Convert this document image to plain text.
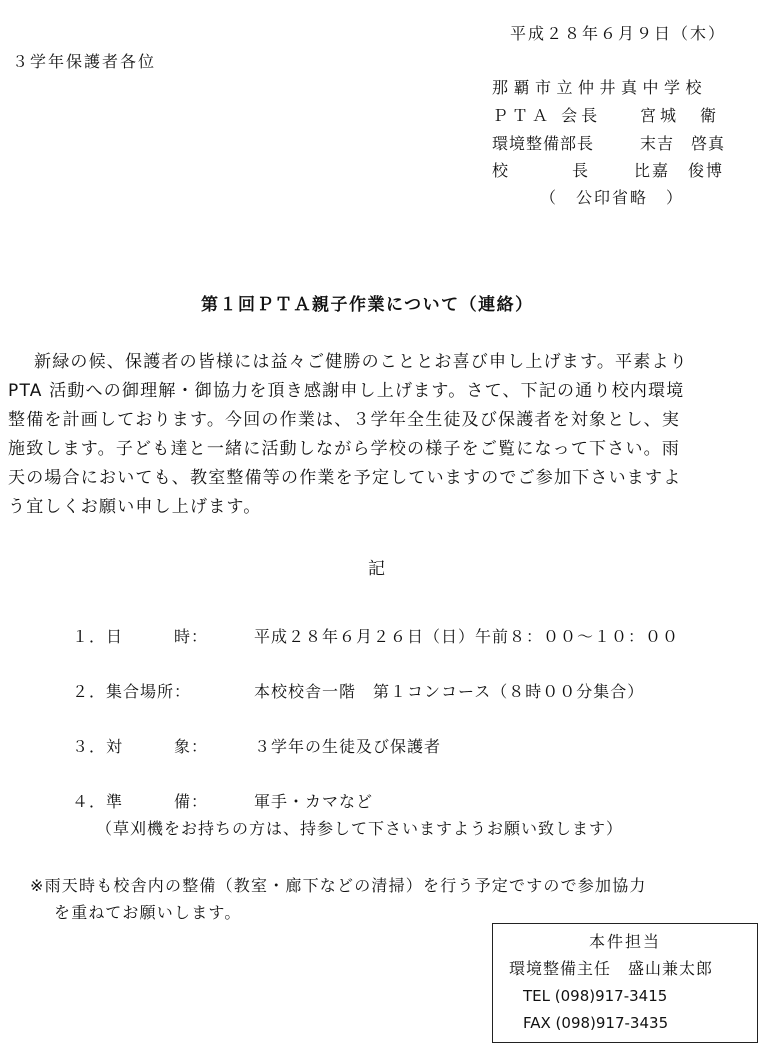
平成２８年６月９日（木）
３学年保護者各位
那覇市立仲井真中学校
ＰＴＡ 会長 宮城　衛
環境整備部長	末吉　啓真
校　　　長	比嘉　俊博
（　公印省略　）
第１回ＰＴＡ親子作業について（連絡）
新緑の候、保護者の皆様には益々ご健勝のこととお喜び申し上げます。平素より
PTA 活動への御理解・御協力を頂き感謝申し上げます。さて、下記の通り校内環境
整備を計画しております。今回の作業は、３学年全生徒及び保護者を対象とし、実
施致します。子ども達と一緒に活動しながら学校の様子をご覧になって下さい。雨
天の場合においても、教室整備等の作業を予定していますのでご参加下さいますよ
う宜しくお願い申し上げます。
記
１．日　　　時：	平成２８年６月２６日（日）午前８：００〜１０：００
２．集合場所：	本校校舎一階　第１コンコース（８時００分集合）
３．対　　　象：	３学年の生徒及び保護者
４．準　　　備：	軍手・カマなど
（草刈機をお持ちの方は、持参して下さいますようお願い致します）
※雨天時も校舎内の整備（教室・廊下などの清掃）を行う予定ですので参加協力
を重ねてお願いします。
本件担当
環境整備主任　盛山兼太郎
TEL (098)917-3415
FAX (098)917-3435
